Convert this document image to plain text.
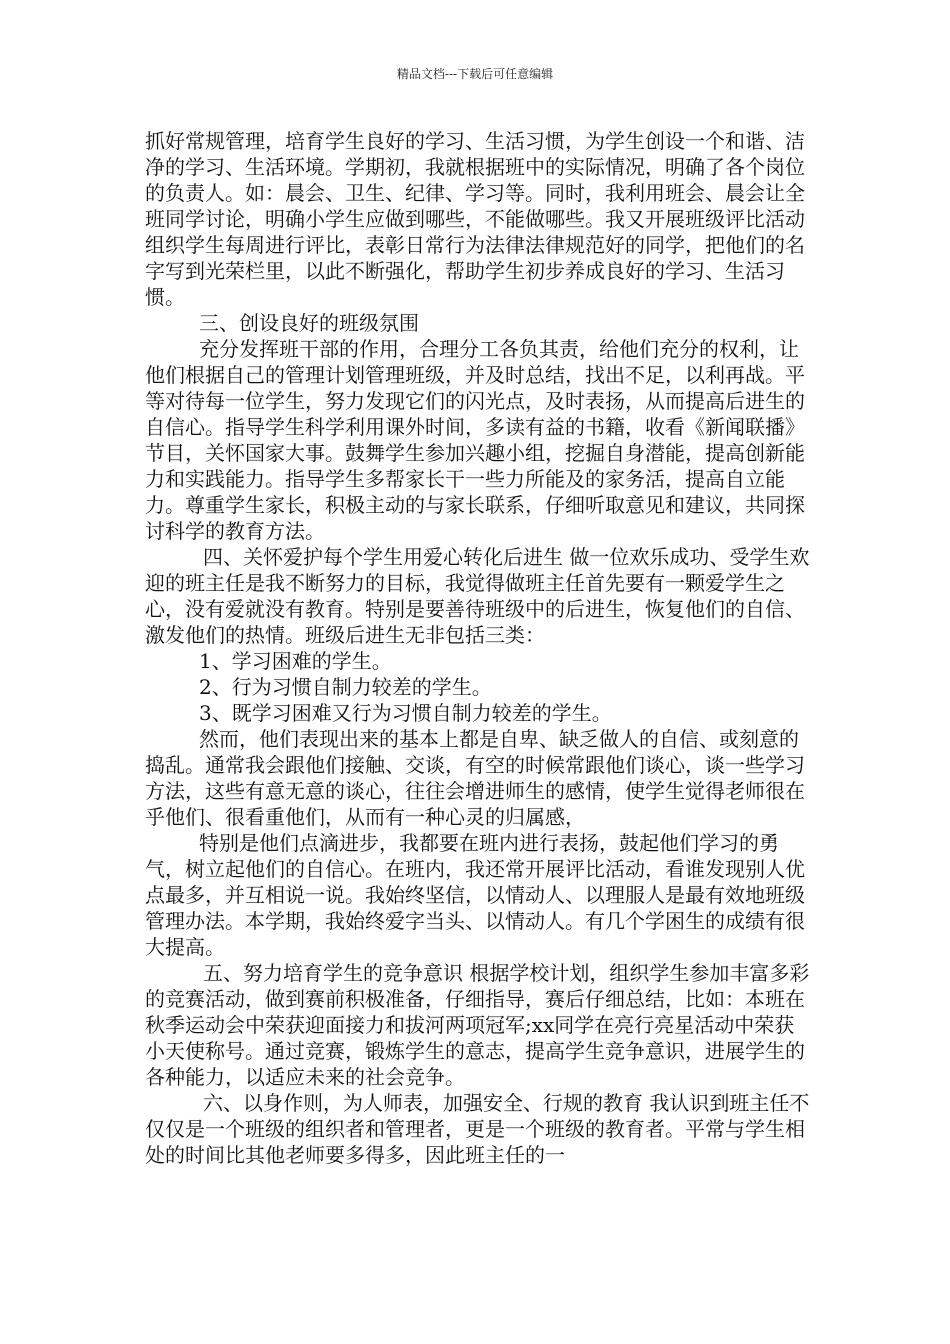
精品文档---下载后可任意编辑

抓好常规管理，培育学生良好的学习、生活习惯，为学生创设一个和谐、洁净的学习、生活环境。学期初，我就根据班中的实际情况，明确了各个岗位的负责人。如：晨会、卫生、纪律、学习等。同时，我利用班会、晨会让全班同学讨论，明确小学生应做到哪些，不能做哪些。我又开展班级评比活动组织学生每周进行评比，表彰日常行为法律法律规范好的同学，把他们的名字写到光荣栏里，以此不断强化，帮助学生初步养成良好的学习、生活习惯。

三、创设良好的班级氛围

充分发挥班干部的作用，合理分工各负其责，给他们充分的权利，让他们根据自己的管理计划管理班级，并及时总结，找出不足，以利再战。平等对待每一位学生，努力发现它们的闪光点，及时表扬，从而提高后进生的自信心。指导学生科学利用课外时间，多读有益的书籍，收看《新闻联播》节目，关怀国家大事。鼓舞学生参加兴趣小组，挖掘自身潜能，提高创新能力和实践能力。指导学生多帮家长干一些力所能及的家务活，提高自立能力。尊重学生家长，积极主动的与家长联系，仔细听取意见和建议，共同探讨科学的教育方法。

四、关怀爱护每个学生用爱心转化后进生 做一位欢乐成功、受学生欢迎的班主任是我不断努力的目标，我觉得做班主任首先要有一颗爱学生之心，没有爱就没有教育。特别是要善待班级中的后进生，恢复他们的自信、激发他们的热情。班级后进生无非包括三类：

1、学习困难的学生。

2、行为习惯自制力较差的学生。

3、既学习困难又行为习惯自制力较差的学生。

然而，他们表现出来的基本上都是自卑、缺乏做人的自信、或刻意的捣乱。通常我会跟他们接触、交谈，有空的时候常跟他们谈心，谈一些学习方法，这些有意无意的谈心，往往会增进师生的感情，使学生觉得老师很在乎他们、很看重他们，从而有一种心灵的归属感，

特别是他们点滴进步，我都要在班内进行表扬，鼓起他们学习的勇气，树立起他们的自信心。在班内，我还常开展评比活动，看谁发现别人优点最多，并互相说一说。我始终坚信，以情动人、以理服人是最有效地班级管理办法。本学期，我始终爱字当头、以情动人。有几个学困生的成绩有很大提高。

五、努力培育学生的竞争意识 根据学校计划，组织学生参加丰富多彩的竞赛活动，做到赛前积极准备，仔细指导，赛后仔细总结，比如：本班在秋季运动会中荣获迎面接力和拔河两项冠军;xx同学在亮行亮星活动中荣获小天使称号。通过竞赛，锻炼学生的意志，提高学生竞争意识，进展学生的各种能力，以适应未来的社会竞争。

六、以身作则，为人师表，加强安全、行规的教育 我认识到班主任不仅仅是一个班级的组织者和管理者，更是一个班级的教育者。平常与学生相处的时间比其他老师要多得多，因此班主任的一
